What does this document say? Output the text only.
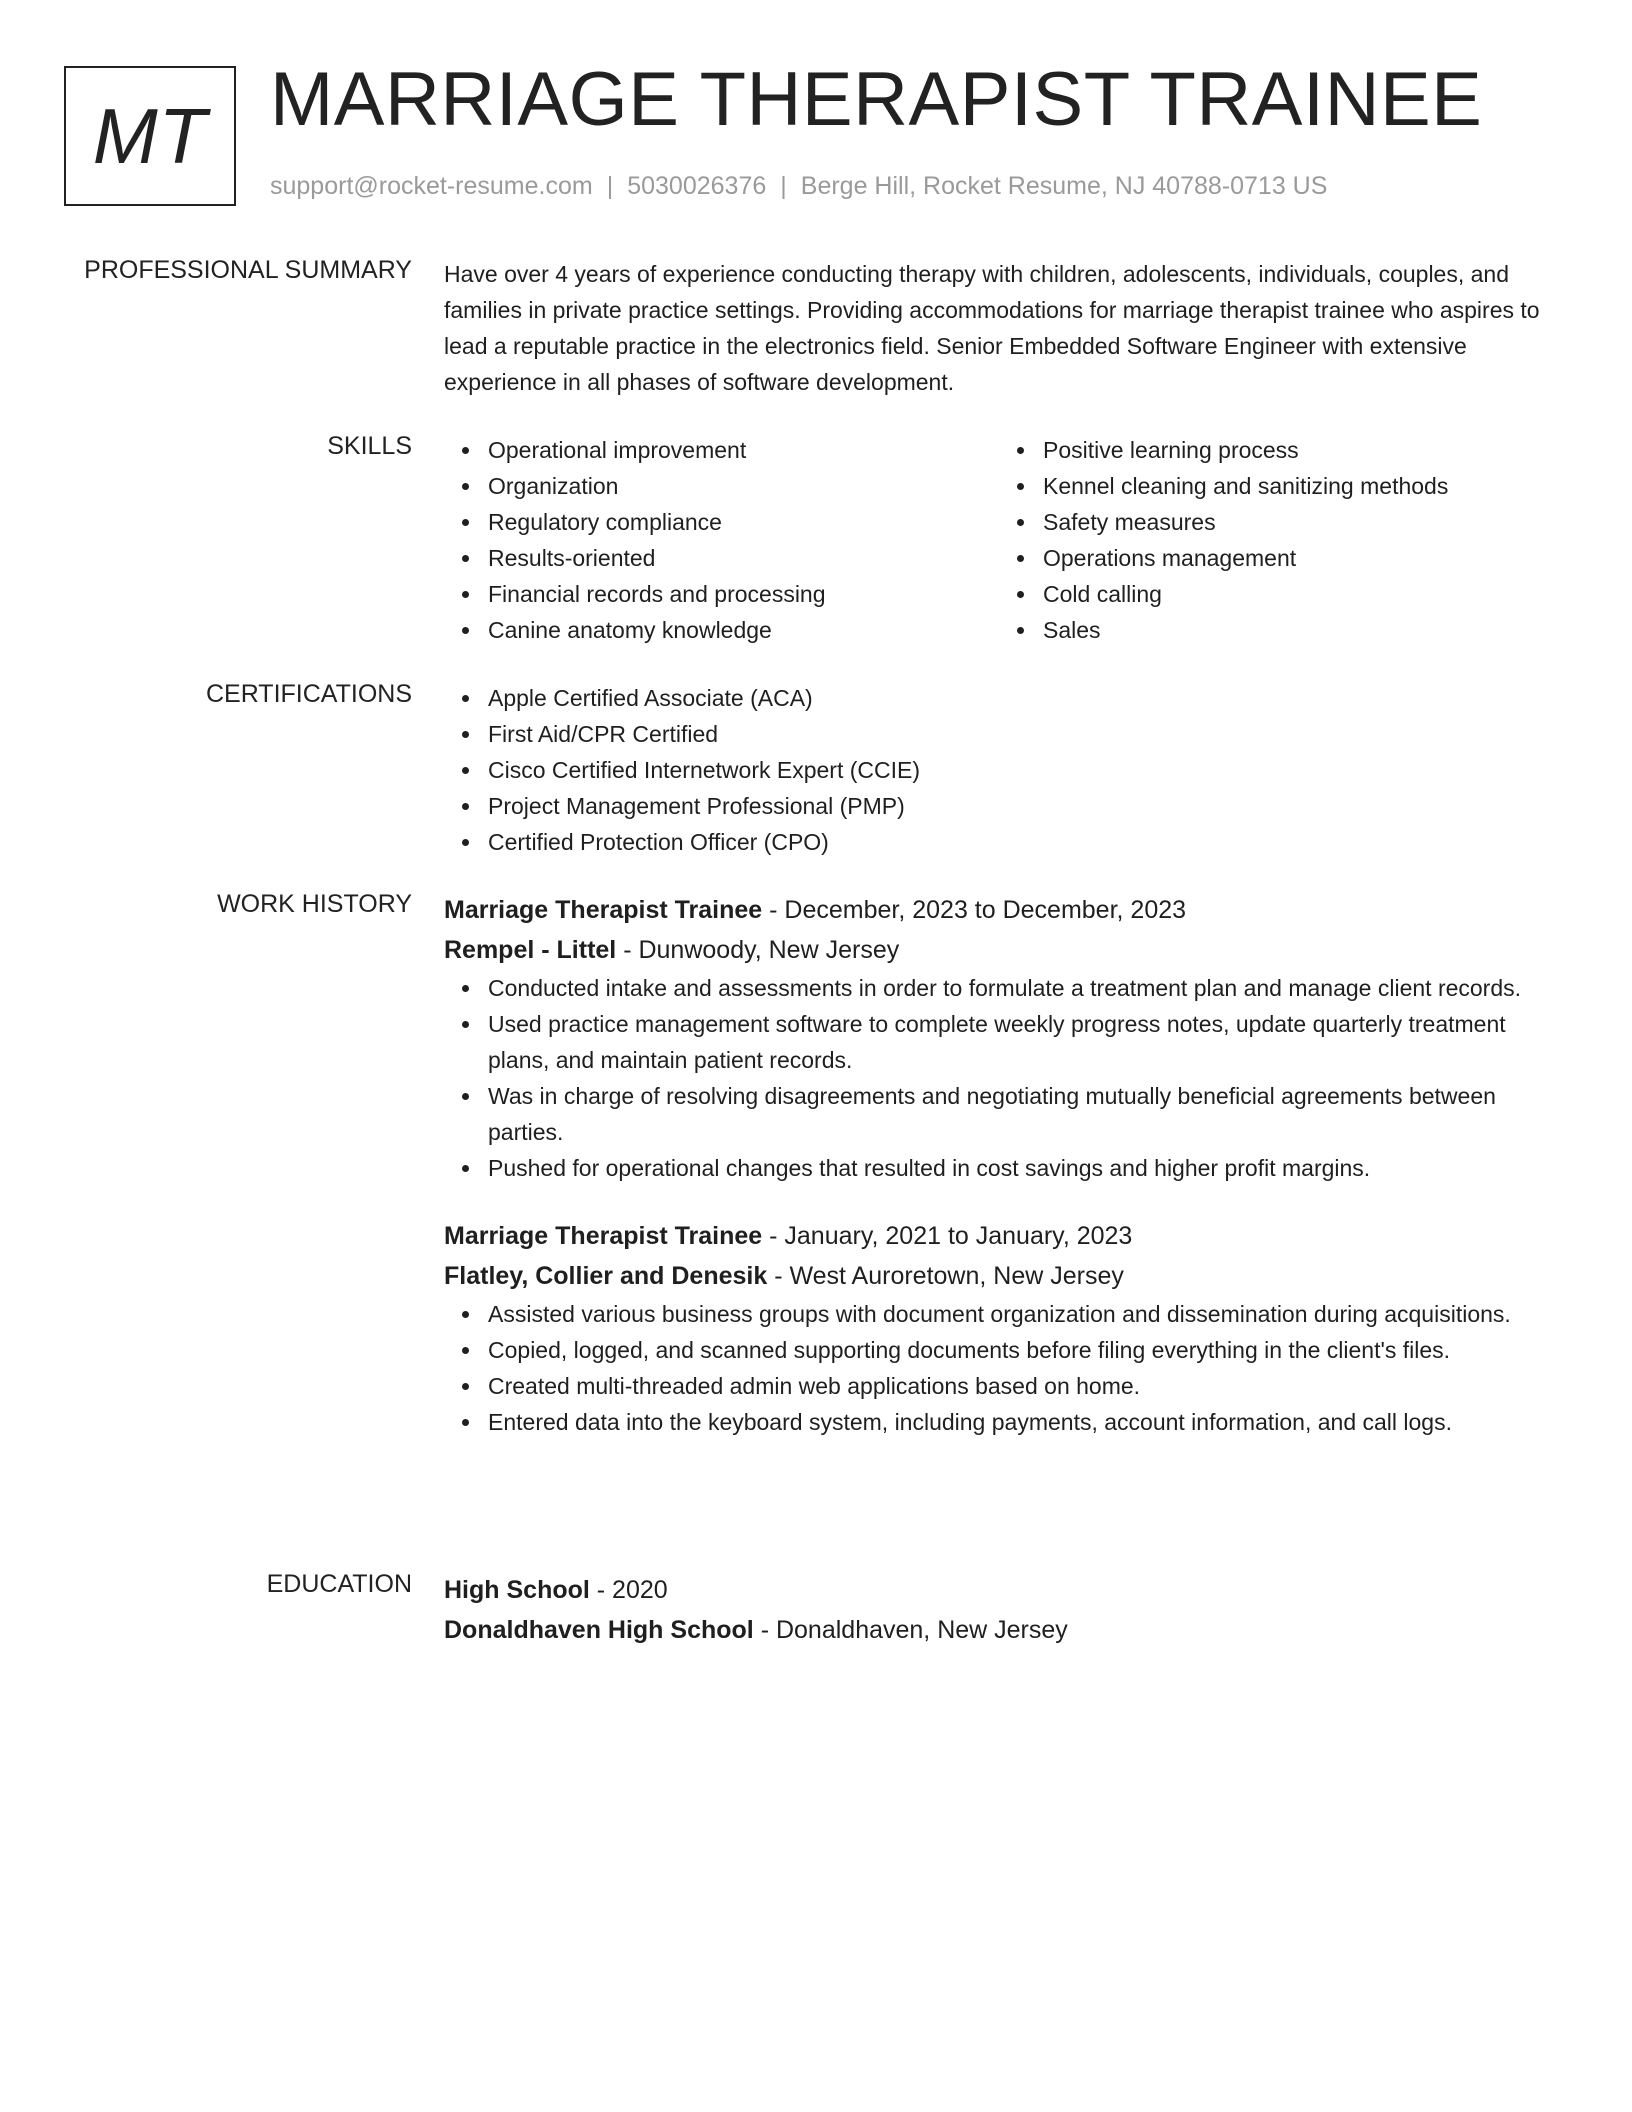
MT MARRIAGE THERAPIST TRAINEE
support@rocket-resume.com | 5030026376 | Berge Hill, Rocket Resume, NJ 40788-0713 US
PROFESSIONAL SUMMARY Have over 4 years of experience conducting therapy with children, adolescents, individuals, couples, and families in private practice settings. Providing accommodations for marriage therapist trainee who aspires to lead a reputable practice in the electronics field. Senior Embedded Software Engineer with extensive experience in all phases of software development.

SKILLS	Operational improvement
Organization
Regulatory compliance
Results-oriented
Financial records and processing
Canine anatomy knowledge
Positive learning process
Kennel cleaning and sanitizing methods
Safety measures
Operations management
Cold calling
Sales
CERTIFICATIONS	Apple Certified Associate (ACA)
First Aid/CPR Certified
Cisco Certified Internetwork Expert (CCIE)
Project Management Professional (PMP)
Certified Protection Officer (CPO)
WORK HISTORY Marriage Therapist Trainee - December, 2023 to December, 2023
Rempel - Littel - Dunwoody, New Jersey
Conducted intake and assessments in order to formulate a treatment plan and manage client records.
Used practice management software to complete weekly progress notes, update quarterly treatment plans, and maintain patient records.
Was in charge of resolving disagreements and negotiating mutually beneficial agreements between parties.
Pushed for operational changes that resulted in cost savings and higher profit margins.
Marriage Therapist Trainee - January, 2021 to January, 2023
Flatley, Collier and Denesik - West Auroretown, New Jersey
Assisted various business groups with document organization and dissemination during acquisitions.
Copied, logged, and scanned supporting documents before filing everything in the client's files.
Created multi-threaded admin web applications based on home.
Entered data into the keyboard system, including payments, account information, and call logs.
EDUCATION High School - 2020
Donaldhaven High School - Donaldhaven, New Jersey
